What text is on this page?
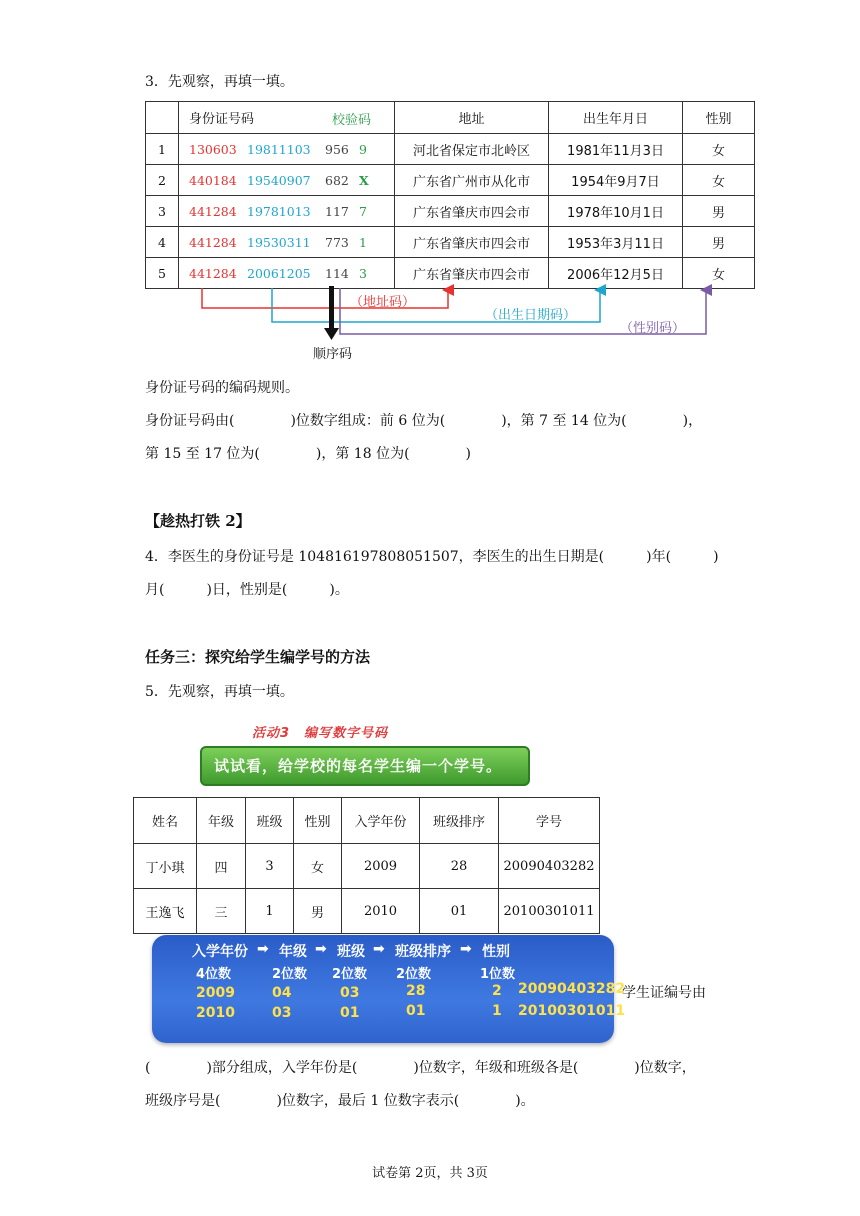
3．先观察，再填一填。
	身份证号码 校验码	地址	出生年月日	性别
1	130603 19811103 956 9	河北省保定市北岭区	1981年11月3日	女
2	440184 19540907 682 X	广东省广州市从化市	1954年9月7日	女
3	441284 19781013 117 7	广东省肇庆市四会市	1978年10月1日	男
4	441284 19530311 773 1	广东省肇庆市四会市	1953年3月11日	男
5	441284 20061205 114 3	广东省肇庆市四会市	2006年12月5日	女
（地址码）
（出生日期码）
（性别码）
顺序码
身份证号码的编码规则。
身份证号码由(　　　　)位数字组成：前 6 位为(　　　　)，第 7 至 14 位为(　　　　)，
第 15 至 17 位为(　　　　)，第 18 位为(　　　　)
【趁热打铁 2】
4．李医生的身份证号是 104816197808051507，李医生的出生日期是(　　　)年(　　　)
月(　　　)日，性别是(　　　)。
任务三：探究给学生编学号的方法
5．先观察，再填一填。
活动3　编写数字号码
试试看，给学校的每名学生编一个学号。
姓名	年级	班级	性别	入学年份	班级排序	学号
丁小琪	四	3	女	2009	28	20090403282
王逸飞	三	1	男	2010	01	20100301011
入学年份 ➡ 年级 ➡ 班级 ➡ 班级排序 ➡ 性别
4位数	2位数 2位数 2位数	1位数
2009	04	03	28	2 20090403282
2010	03	01	01	1 20100301011
学生证编号由
(　　　　)部分组成，入学年份是(　　　　)位数字，年级和班级各是(　　　　)位数字，
班级序号是(　　　　)位数字，最后 1 位数字表示(　　　　)。
试卷第 2页，共 3页
